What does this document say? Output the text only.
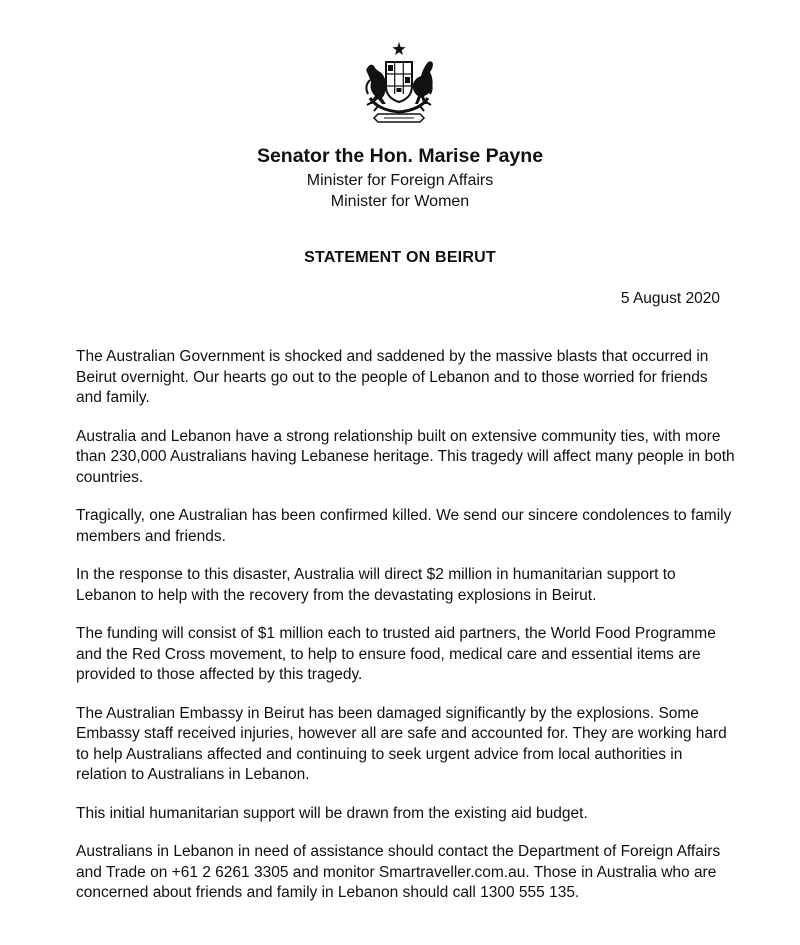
Senator the Hon. Marise Payne
Minister for Foreign Affairs
Minister for Women
STATEMENT ON BEIRUT
5 August 2020

The Australian Government is shocked and saddened by the massive blasts that occurred in Beirut overnight. Our hearts go out to the people of Lebanon and to those worried for friends and family.

Australia and Lebanon have a strong relationship built on extensive community ties, with more than 230,000 Australians having Lebanese heritage. This tragedy will affect many people in both countries.

Tragically, one Australian has been confirmed killed. We send our sincere condolences to family members and friends.

In the response to this disaster, Australia will direct $2 million in humanitarian support to Lebanon to help with the recovery from the devastating explosions in Beirut.

The funding will consist of $1 million each to trusted aid partners, the World Food Programme and the Red Cross movement, to help to ensure food, medical care and essential items are provided to those affected by this tragedy.

The Australian Embassy in Beirut has been damaged significantly by the explosions. Some Embassy staff received injuries, however all are safe and accounted for. They are working hard to help Australians affected and continuing to seek urgent advice from local authorities in relation to Australians in Lebanon.

This initial humanitarian support will be drawn from the existing aid budget.

Australians in Lebanon in need of assistance should contact the Department of Foreign Affairs and Trade on +61 2 6261 3305 and monitor Smartraveller.com.au. Those in Australia who are concerned about friends and family in Lebanon should call 1300 555 135.
